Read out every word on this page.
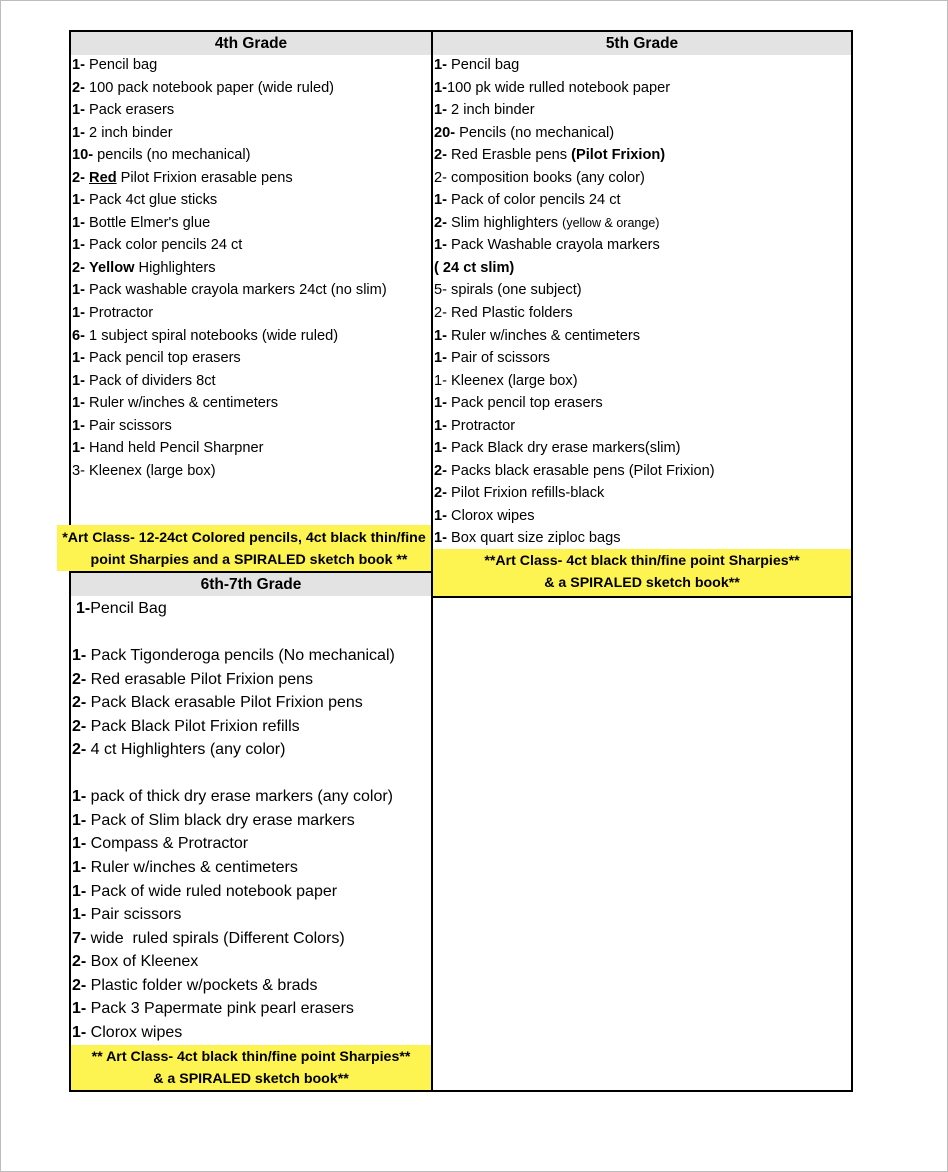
4th Grade	5th Grade
6th-7th Grade
1- Pencil bag
2- 100 pack notebook paper (wide ruled)
1- Pack erasers
1- 2 inch binder
10- pencils (no mechanical)
2- Red Pilot Frixion erasable pens
1- Pack 4ct glue sticks
1- Bottle Elmer's glue
1- Pack color pencils 24 ct
2- Yellow Highlighters
1- Pack washable crayola markers 24ct (no slim)
1- Protractor
6- 1 subject spiral notebooks (wide ruled)
1- Pack pencil top erasers
1- Pack of dividers 8ct
1- Ruler w/inches & centimeters
1- Pair scissors
1- Hand held Pencil Sharpner
3- Kleenex (large box)
1- Pencil bag
1-100 pk wide rulled notebook paper
1- 2 inch binder
20- Pencils (no mechanical)
2- Red Erasble pens (Pilot Frixion)
2- composition books (any color)
1- Pack of color pencils 24 ct
2- Slim highlighters (yellow & orange)
1- Pack Washable crayola markers
( 24 ct slim)
5- spirals (one subject)
2- Red Plastic folders
1- Ruler w/inches & centimeters
1- Pair of scissors
1- Kleenex (large box)
1- Pack pencil top erasers
1- Protractor
1- Pack Black dry erase markers(slim)
2- Packs black erasable pens (Pilot Frixion)
2- Pilot Frixion refills-black
1- Clorox wipes
1- Box quart size ziploc bags
*Art Class- 12-24ct Colored pencils, 4ct black thin/fine
point Sharpies and a SPIRALED sketch book **	**Art Class- 4ct black thin/fine point Sharpies**
& a SPIRALED sketch book**
1-Pencil Bag
1- Pack Tigonderoga pencils (No mechanical)
2- Red erasable Pilot Frixion pens
2- Pack Black erasable Pilot Frixion pens
2- Pack Black Pilot Frixion refills
2- 4 ct Highlighters (any color)
1- pack of thick dry erase markers (any color)
1- Pack of Slim black dry erase markers
1- Compass & Protractor
1- Ruler w/inches & centimeters
1- Pack of wide ruled notebook paper
1- Pair scissors
7- wide  ruled spirals (Different Colors)
2- Box of Kleenex
2- Plastic folder w/pockets & brads
1- Pack 3 Papermate pink pearl erasers
1- Clorox wipes
** Art Class- 4ct black thin/fine point Sharpies**
& a SPIRALED sketch book**
